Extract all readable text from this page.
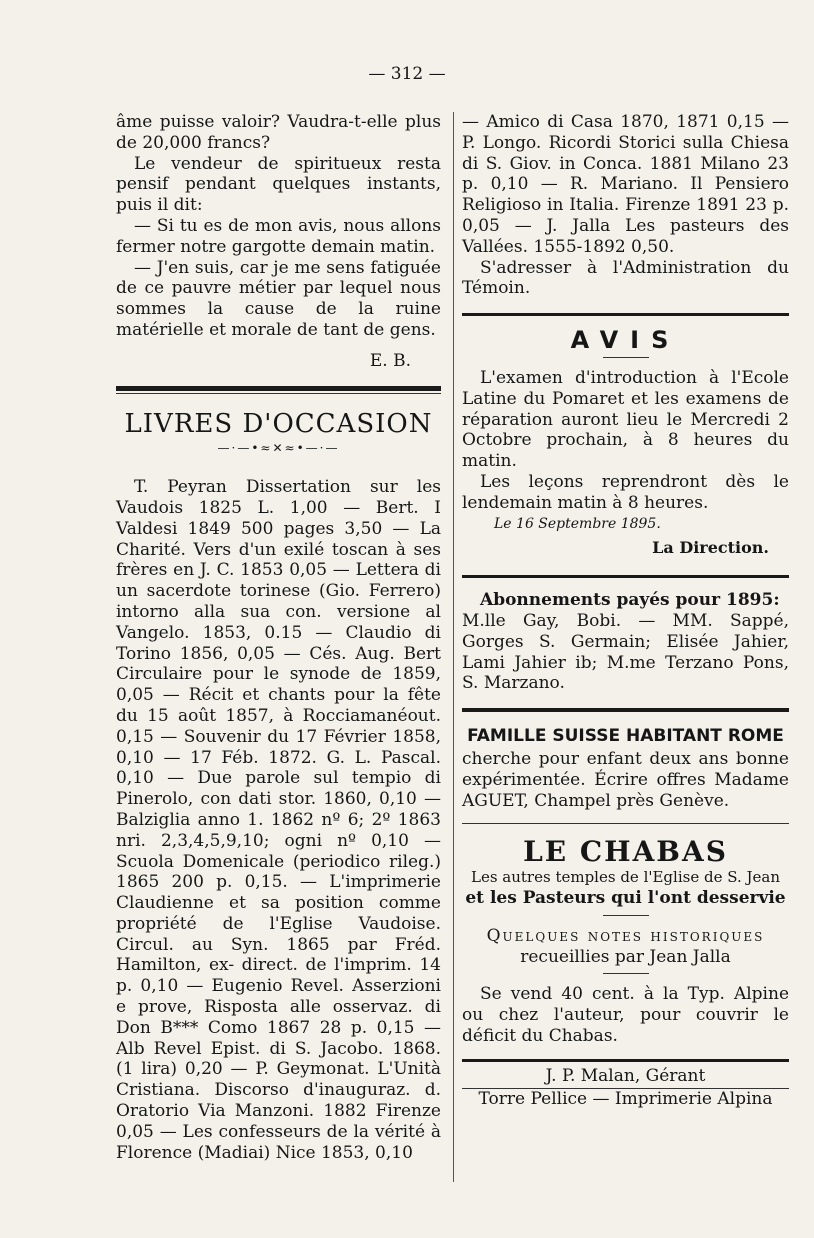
— 312 —

âme puisse valoir? Vaudra-t-elle plus de 20,000 francs?

Le vendeur de spiritueux resta pensif pendant quelques instants, puis il dit:

— Si tu es de mon avis, nous allons fermer notre gargotte demain matin.

— J'en suis, car je me sens fatiguée de ce pauvre métier par lequel nous sommes la cause de la ruine matérielle et morale de tant de gens.

E. B.

LIVRES D'OCCASION
—·—•≈✕≈•—·—

T. Peyran Dissertation sur les Vaudois 1825 L. 1,00 — Bert. I Valdesi 1849 500 pages 3,50 — La Charité. Vers d'un exilé toscan à ses frères en J. C. 1853 0,05 — Lettera di un sacerdote torinese (Gio. Ferrero) intorno alla sua con. versione al Vangelo. 1853, 0.15 — Claudio di Torino 1856, 0,05 — Cés. Aug. Bert Circulaire pour le synode de 1859, 0,05 — Récit et chants pour la fête du 15 août 1857, à Rocciamanéout. 0,15 — Souvenir du 17 Février 1858, 0,10 — 17 Féb. 1872. G. L. Pascal. 0,10 — Due parole sul tempio di Pinerolo, con dati stor. 1860, 0,10 — Balziglia anno 1. 1862 nº 6; 2º 1863 nri. 2,3,4,5,9,10; ogni nº 0,10 — Scuola Domenicale (periodico rileg.) 1865 200 p. 0,15. — L'imprimerie Claudienne et sa position comme propriété de l'Eglise Vaudoise. Circul. au Syn. 1865 par Fréd. Hamilton, ex- direct. de l'imprim. 14 p. 0,10 — Eugenio Revel. Asserzioni e prove, Risposta alle osservaz. di Don B*** Como 1867 28 p. 0,15 — Alb Revel Epist. di S. Jacobo. 1868. (1 lira) 0,20 — P. Geymonat. L'Unità Cristiana. Discorso d'inauguraz. d. Oratorio Via Manzoni. 1882 Firenze 0,05 — Les confesseurs de la vérité à Florence (Madiai) Nice 1853, 0,10

— Amico di Casa 1870, 1871 0,15 — P. Longo. Ricordi Storici sulla Chiesa di S. Giov. in Conca. 1881 Milano 23 p. 0,10 — R. Mariano. Il Pensiero Religioso in Italia. Firenze 1891 23 p. 0,05 — J. Jalla Les pasteurs des Vallées. 1555-1892 0,50.

S'adresser à l'Administration du Témoin.

AVIS

L'examen d'introduction à l'Ecole Latine du Pomaret et les examens de réparation auront lieu le Mercredi 2 Octobre prochain, à 8 heures du matin.

Les leçons reprendront dès le lendemain matin à 8 heures.

Le 16 Septembre 1895.

La Direction.

Abonnements payés pour 1895:

M.lle Gay, Bobi. — MM. Sappé, Gorges S. Germain; Elisée Jahier, Lami Jahier ib; M.me Terzano Pons, S. Marzano.

FAMILLE SUISSE HABITANT ROME

cherche pour enfant deux ans bonne expérimentée. Écrire offres Madame AGUET, Champel près Genève.

LE CHABAS

Les autres temples de l'Eglise de S. Jean

et les Pasteurs qui l'ont desservie

Quelques notes historiques

recueillies par Jean Jalla

Se vend 40 cent. à la Typ. Alpine ou chez l'auteur, pour couvrir le déficit du Chabas.

J. P. Malan, Gérant

Torre Pellice — Imprimerie Alpina
